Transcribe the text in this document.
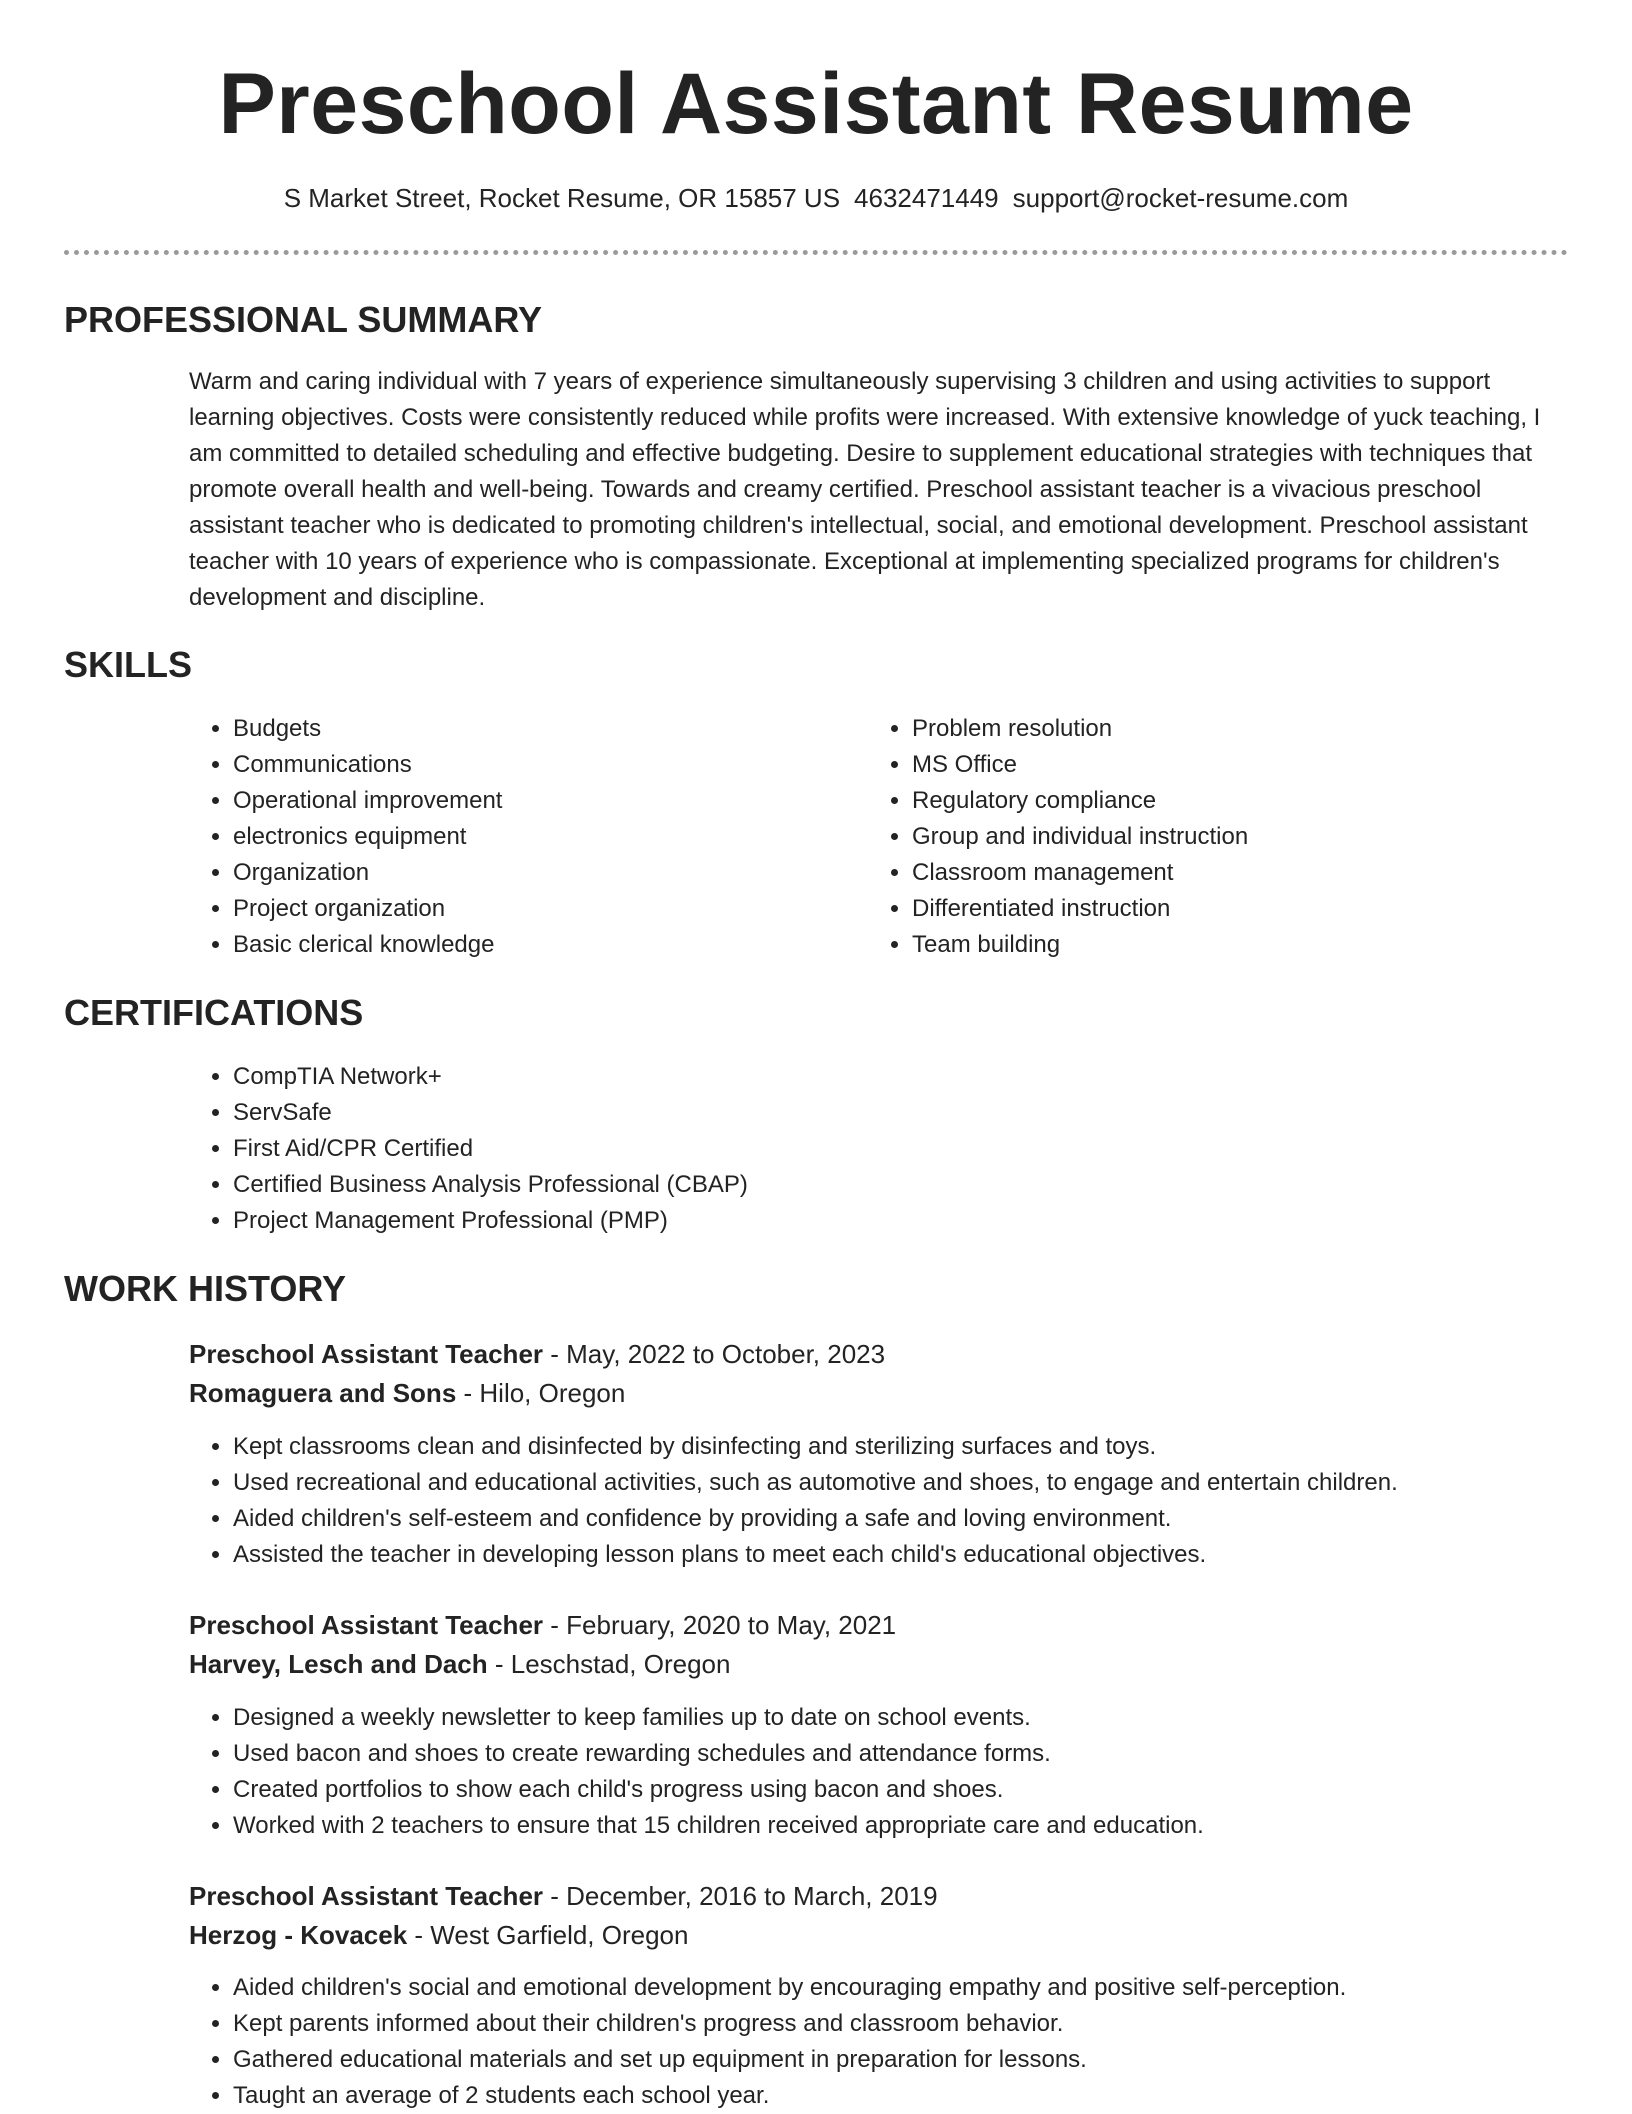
Preschool Assistant Resume
S Market Street, Rocket Resume, OR 15857 US 4632471449 support@rocket-resume.com
PROFESSIONAL SUMMARY

Warm and caring individual with 7 years of experience simultaneously supervising 3 children and using activities to support learning objectives. Costs were consistently reduced while profits were increased. With extensive knowledge of yuck teaching, I am committed to detailed scheduling and effective budgeting. Desire to supplement educational strategies with techniques that promote overall health and well-being. Towards and creamy certified. Preschool assistant teacher is a vivacious preschool assistant teacher who is dedicated to promoting children's intellectual, social, and emotional development. Preschool assistant teacher with 10 years of experience who is compassionate. Exceptional at implementing specialized programs for children's development and discipline.

SKILLS
• Budgets
• Communications
• Operational improvement
• electronics equipment
• Organization
• Project organization
• Basic clerical knowledge
• Problem resolution
• MS Office
• Regulatory compliance
• Group and individual instruction
• Classroom management
• Differentiated instruction
• Team building
CERTIFICATIONS
• CompTIA Network+
• ServSafe
• First Aid/CPR Certified
• Certified Business Analysis Professional (CBAP)
• Project Management Professional (PMP)
WORK HISTORY
Preschool Assistant Teacher - May, 2022 to October, 2023
Romaguera and Sons - Hilo, Oregon
• Kept classrooms clean and disinfected by disinfecting and sterilizing surfaces and toys.
• Used recreational and educational activities, such as automotive and shoes, to engage and entertain children.
• Aided children's self-esteem and confidence by providing a safe and loving environment.
• Assisted the teacher in developing lesson plans to meet each child's educational objectives.
Preschool Assistant Teacher - February, 2020 to May, 2021
Harvey, Lesch and Dach - Leschstad, Oregon
• Designed a weekly newsletter to keep families up to date on school events.
• Used bacon and shoes to create rewarding schedules and attendance forms.
• Created portfolios to show each child's progress using bacon and shoes.
• Worked with 2 teachers to ensure that 15 children received appropriate care and education.
Preschool Assistant Teacher - December, 2016 to March, 2019
Herzog - Kovacek - West Garfield, Oregon
• Aided children's social and emotional development by encouraging empathy and positive self-perception.
• Kept parents informed about their children's progress and classroom behavior.
• Gathered educational materials and set up equipment in preparation for lessons.
• Taught an average of 2 students each school year.
